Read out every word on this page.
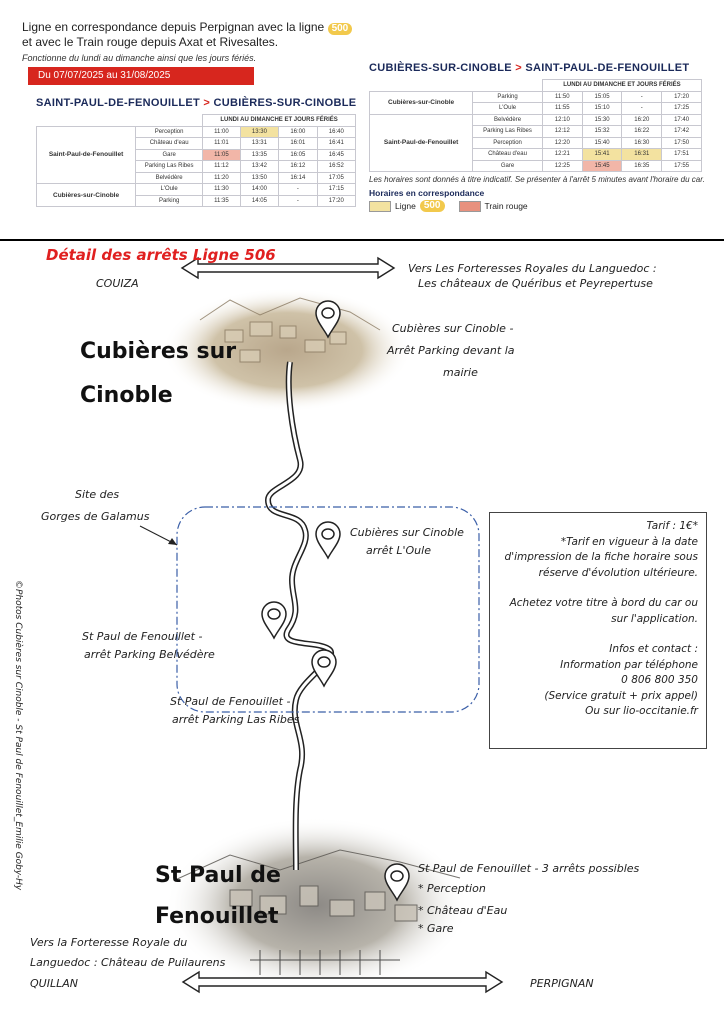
Ligne en correspondance depuis Perpignan avec la ligne 500
et avec le Train rouge depuis Axat et Rivesaltes.
Fonctionne du lundi au dimanche ainsi que les jours fériés.
Du 07/07/2025 au 31/08/2025
SAINT-PAUL-DE-FENOUILLET > CUBIÈRES-SUR-CINOBLE
		LUNDI AU DIMANCHE ET JOURS FÉRIÉS			
Saint-Paul-de-Fenouillet	Perception	11:00	13:30	16:00	16:40
	Château d'eau	11:01	13:31	16:01	16:41
	Gare	11:05	13:35	16:05	16:45
	Parking Las Ribes	11:12	13:42	16:12	16:52
	Belvédère	11:20	13:50	16:14	17:05
Cubières-sur-Cinoble	L'Oule	11:30	14:00	-	17:15
	Parking	11:35	14:05	-	17:20
CUBIÈRES-SUR-CINOBLE > SAINT-PAUL-DE-FENOUILLET
		LUNDI AU DIMANCHE ET JOURS FÉRIÉS			
Cubières-sur-Cinoble	Parking	11:50	15:05	-	17:20
	L'Oule	11:55	15:10	-	17:25
Saint-Paul-de-Fenouillet	Belvédère	12:10	15:30	16:20	17:40
	Parking Las Ribes	12:12	15:32	16:22	17:42
	Perception	12:20	15:40	16:30	17:50
	Château d'eau	12:21	15:41	16:31	17:51
	Gare	12:25	15:45	16:35	17:55
Les horaires sont donnés à titre indicatif. Se présenter à l'arrêt 5 minutes avant l'horaire du car.
Horaires en correspondance
Ligne 500	Train rouge
Détail des arrêts Ligne 506
COUIZA
Vers Les Forteresses Royales du Languedoc :
Les châteaux de Quéribus et Peyrepertuse
Cubières sur
Cinoble
Cubières sur Cinoble -
Arrêt Parking devant la
mairie
Site des
Gorges de Galamus
Cubières sur Cinoble
arrêt L'Oule
St Paul de Fenouillet -
arrêt Parking Belvédère
St Paul de Fenouillet -
arrêt Parking Las Ribes
St Paul de
Fenouillet
St Paul de Fenouillet - 3 arrêts possibles
* Perception
* Château d'Eau
* Gare
Vers la Forteresse Royale du
Languedoc : Château de Puilaurens
QUILLAN	PERPIGNAN
©Photos Cubières sur Cinoble - St Paul de Fenouillet_Emilie Goby-Hy
Tarif : 1€*
*Tarif en vigueur à la date
d'impression de la fiche horaire sous
réserve d'évolution ultérieure.
Achetez votre titre à bord du car ou
sur l'application.
Infos et contact :
Information par téléphone
0 806 800 350
(Service gratuit + prix appel)
Ou sur lio-occitanie.fr
